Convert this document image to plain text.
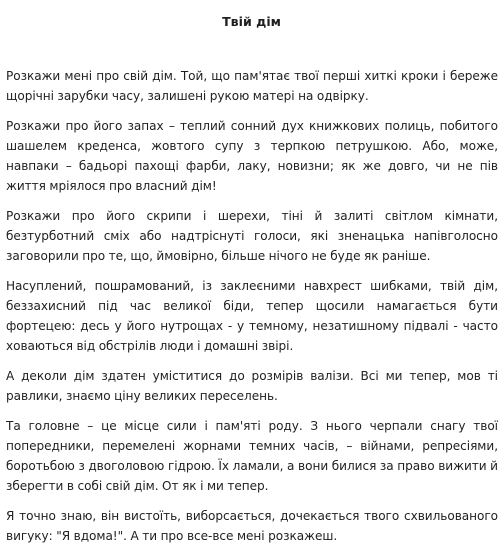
Твій дім

Розкажи мені про свій дім. Той, що пам'ятає твої перші хиткі кроки і береже щорічні зарубки часу, залишені рукою матері на одвірку.

Розкажи про його запах – теплий сонний дух книжкових полиць, побитого шашелем креденса, жовтого супу з терпкою петрушкою. Або, може, навпаки – бадьорі пахощі фарби, лаку, новизни; як же довго, чи не пів життя мріялося про власний дім!

Розкажи про його скрипи і шерехи, тіні й залиті світлом кімнати, безтурботний сміх або надтріснуті голоси, які зненацька напівголосно заговорили про те, що, ймовірно, більше нічого не буде як раніше.

Насуплений, пошрамований, із заклеєними навхрест шибками, твій дім, беззахисний під час великої біди, тепер щосили намагається бути фортецею: десь у його нутрощах - у темному, незатишному підвалі - часто ховаються від обстрілів люди і домашні звірі.

А деколи дім здатен уміститися до розмірів валізи. Всі ми тепер, мов ті равлики, знаємо ціну великих переселень.

Та головне – це місце сили і пам'яті роду. З нього черпали снагу твої попередники, перемелені жорнами темних часів, – війнами, репресіями, боротьбою з двоголовою гідрою. Їх ламали, а вони билися за право вижити й зберегти в собі свій дім. От як і ми тепер.

Я точно знаю, він вистоїть, виборсається, дочекається твого схвильованого вигуку: "Я вдома!". А ти про все-все мені розкажеш.
